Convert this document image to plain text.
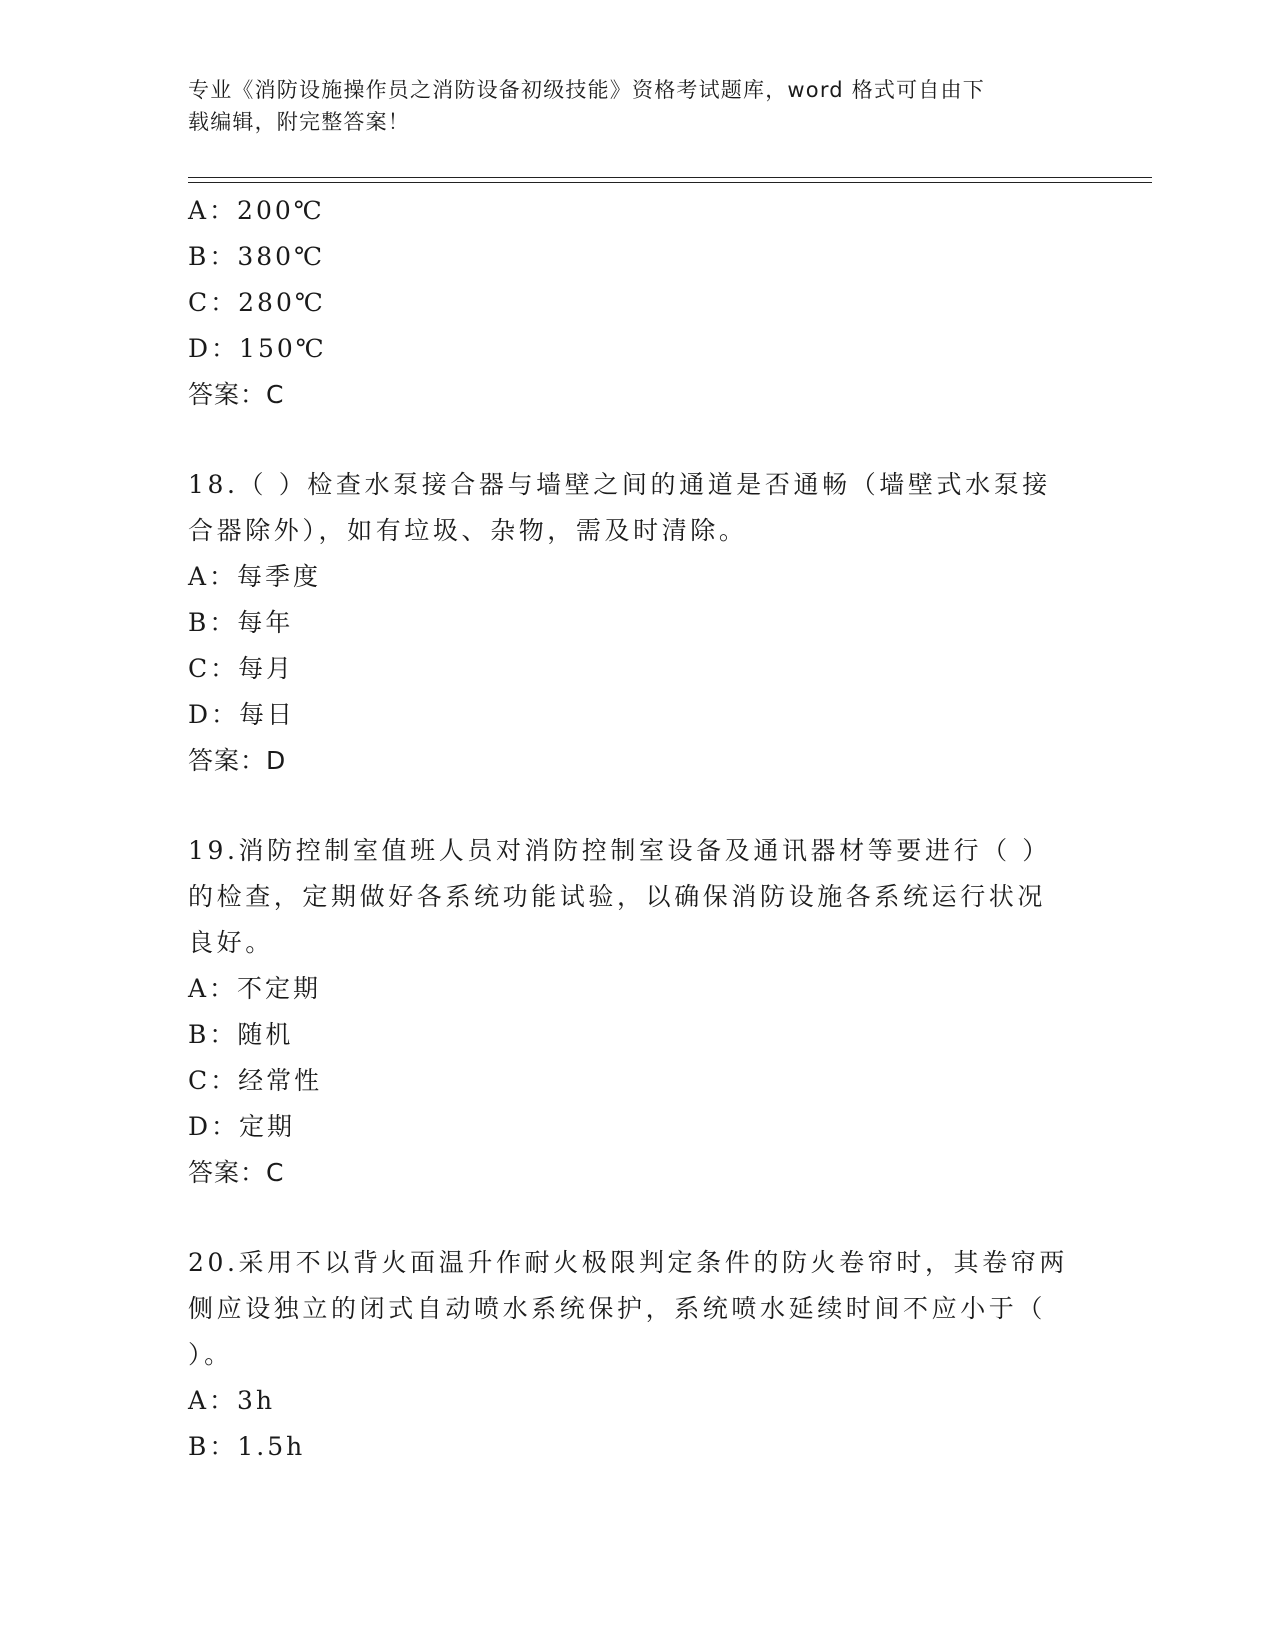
专业《消防设施操作员之消防设备初级技能》资格考试题库，word 格式可自由下
载编辑，附完整答案！
A：200℃
B：380℃
C：280℃
D：150℃
答案：C
18.（ ）检查水泵接合器与墙壁之间的通道是否通畅（墙壁式水泵接
合器除外），如有垃圾、杂物，需及时清除。
A：每季度
B：每年
C：每月
D：每日
答案：D
19.消防控制室值班人员对消防控制室设备及通讯器材等要进行（ ）
的检查，定期做好各系统功能试验，以确保消防设施各系统运行状况
良好。
A：不定期
B：随机
C：经常性
D：定期
答案：C
20.采用不以背火面温升作耐火极限判定条件的防火卷帘时，其卷帘两
侧应设独立的闭式自动喷水系统保护，系统喷水延续时间不应小于（
）。
A：3h
B：1.5h
